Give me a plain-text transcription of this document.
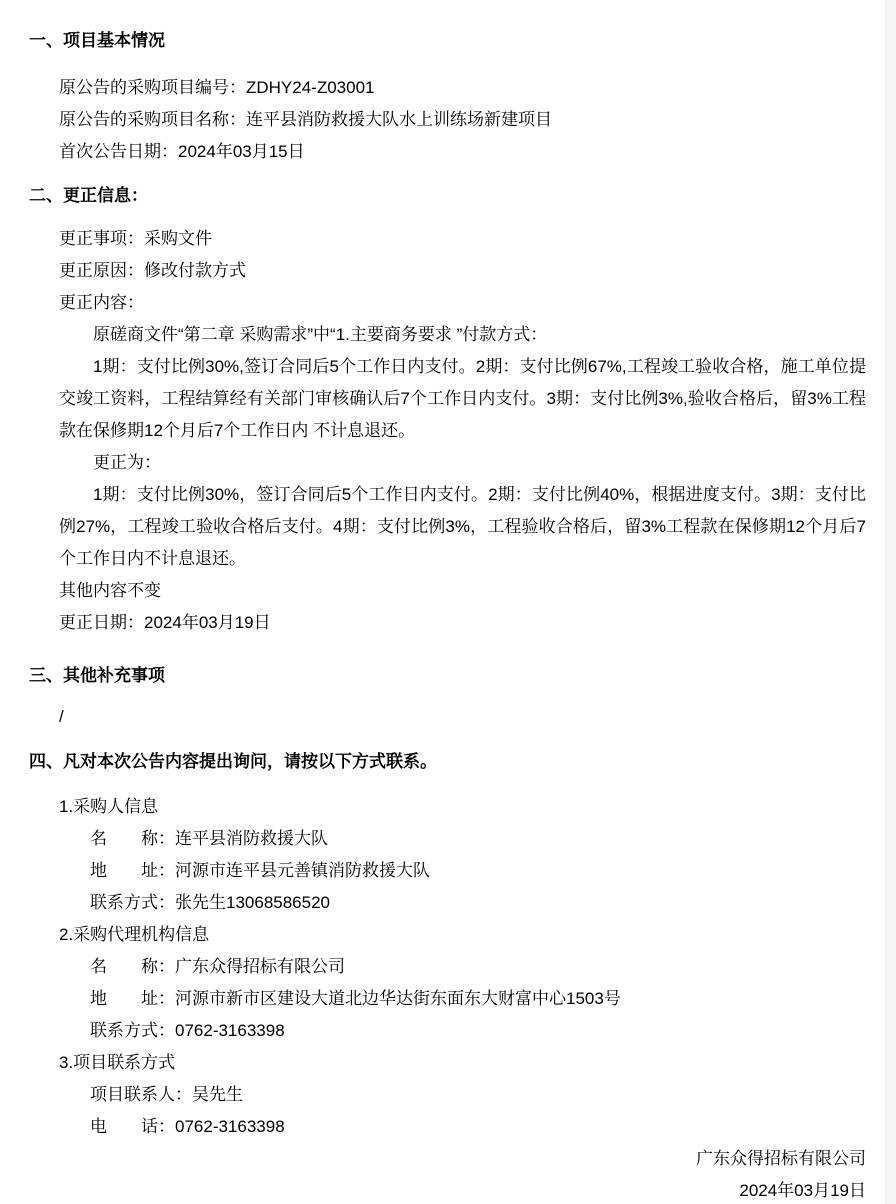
一、项目基本情况

原公告的采购项目编号：ZDHY24-Z03001

原公告的采购项目名称：连平县消防救援大队水上训练场新建项目

首次公告日期：2024年03月15日

二、更正信息：

更正事项：采购文件

更正原因：修改付款方式

更正内容：

原磋商文件“第二章 采购需求”中“1.主要商务要求 ”付款方式：

1期：支付比例30%,签订合同后5个工作日内支付。2期：支付比例67%,工程竣工验收合格，施工单位提交竣工资料，工程结算经有关部门审核确认后7个工作日内支付。3期：支付比例3%,验收合格后，留3%工程款在保修期12个月后7个工作日内 不计息退还。

更正为：

1期：支付比例30%，签订合同后5个工作日内支付。2期：支付比例40%，根据进度支付。3期：支付比例27%，工程竣工验收合格后支付。4期：支付比例3%，工程验收合格后，留3%工程款在保修期12个月后7个工作日内不计息退还。

其他内容不变

更正日期：2024年03月19日

三、其他补充事项

/

四、凡对本次公告内容提出询问，请按以下方式联系。

1.采购人信息

名　　称：连平县消防救援大队

地　　址：河源市连平县元善镇消防救援大队

联系方式：张先生13068586520

2.采购代理机构信息

名　　称：广东众得招标有限公司

地　　址：河源市新市区建设大道北边华达街东面东大财富中心1503号

联系方式：0762-3163398

3.项目联系方式

项目联系人：吴先生

电　　话：0762-3163398

广东众得招标有限公司

2024年03月19日
